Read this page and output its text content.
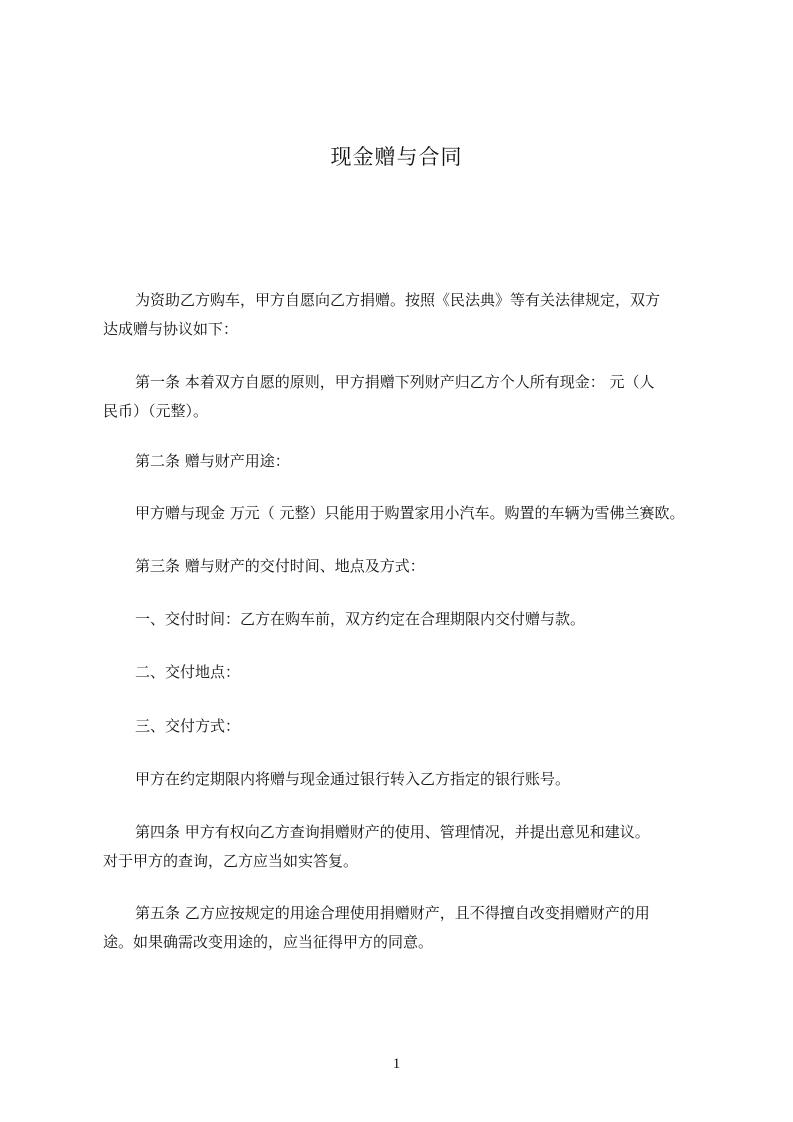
现金赠与合同

为资助乙方购车，甲方自愿向乙方捐赠。按照《民法典》等有关法律规定，双方
达成赠与协议如下：

第一条 本着双方自愿的原则，甲方捐赠下列财产归乙方个人所有现金： 元（人
民币）（元整）。

第二条 赠与财产用途：

甲方赠与现金 万元（ 元整）只能用于购置家用小汽车。购置的车辆为雪佛兰赛欧。

第三条 赠与财产的交付时间、地点及方式：

一、交付时间：乙方在购车前，双方约定在合理期限内交付赠与款。

二、交付地点：

三、交付方式：

甲方在约定期限内将赠与现金通过银行转入乙方指定的银行账号。

第四条 甲方有权向乙方查询捐赠财产的使用、管理情况，并提出意见和建议。
对于甲方的查询，乙方应当如实答复。

第五条 乙方应按规定的用途合理使用捐赠财产，且不得擅自改变捐赠财产的用
途。如果确需改变用途的，应当征得甲方的同意。

1
